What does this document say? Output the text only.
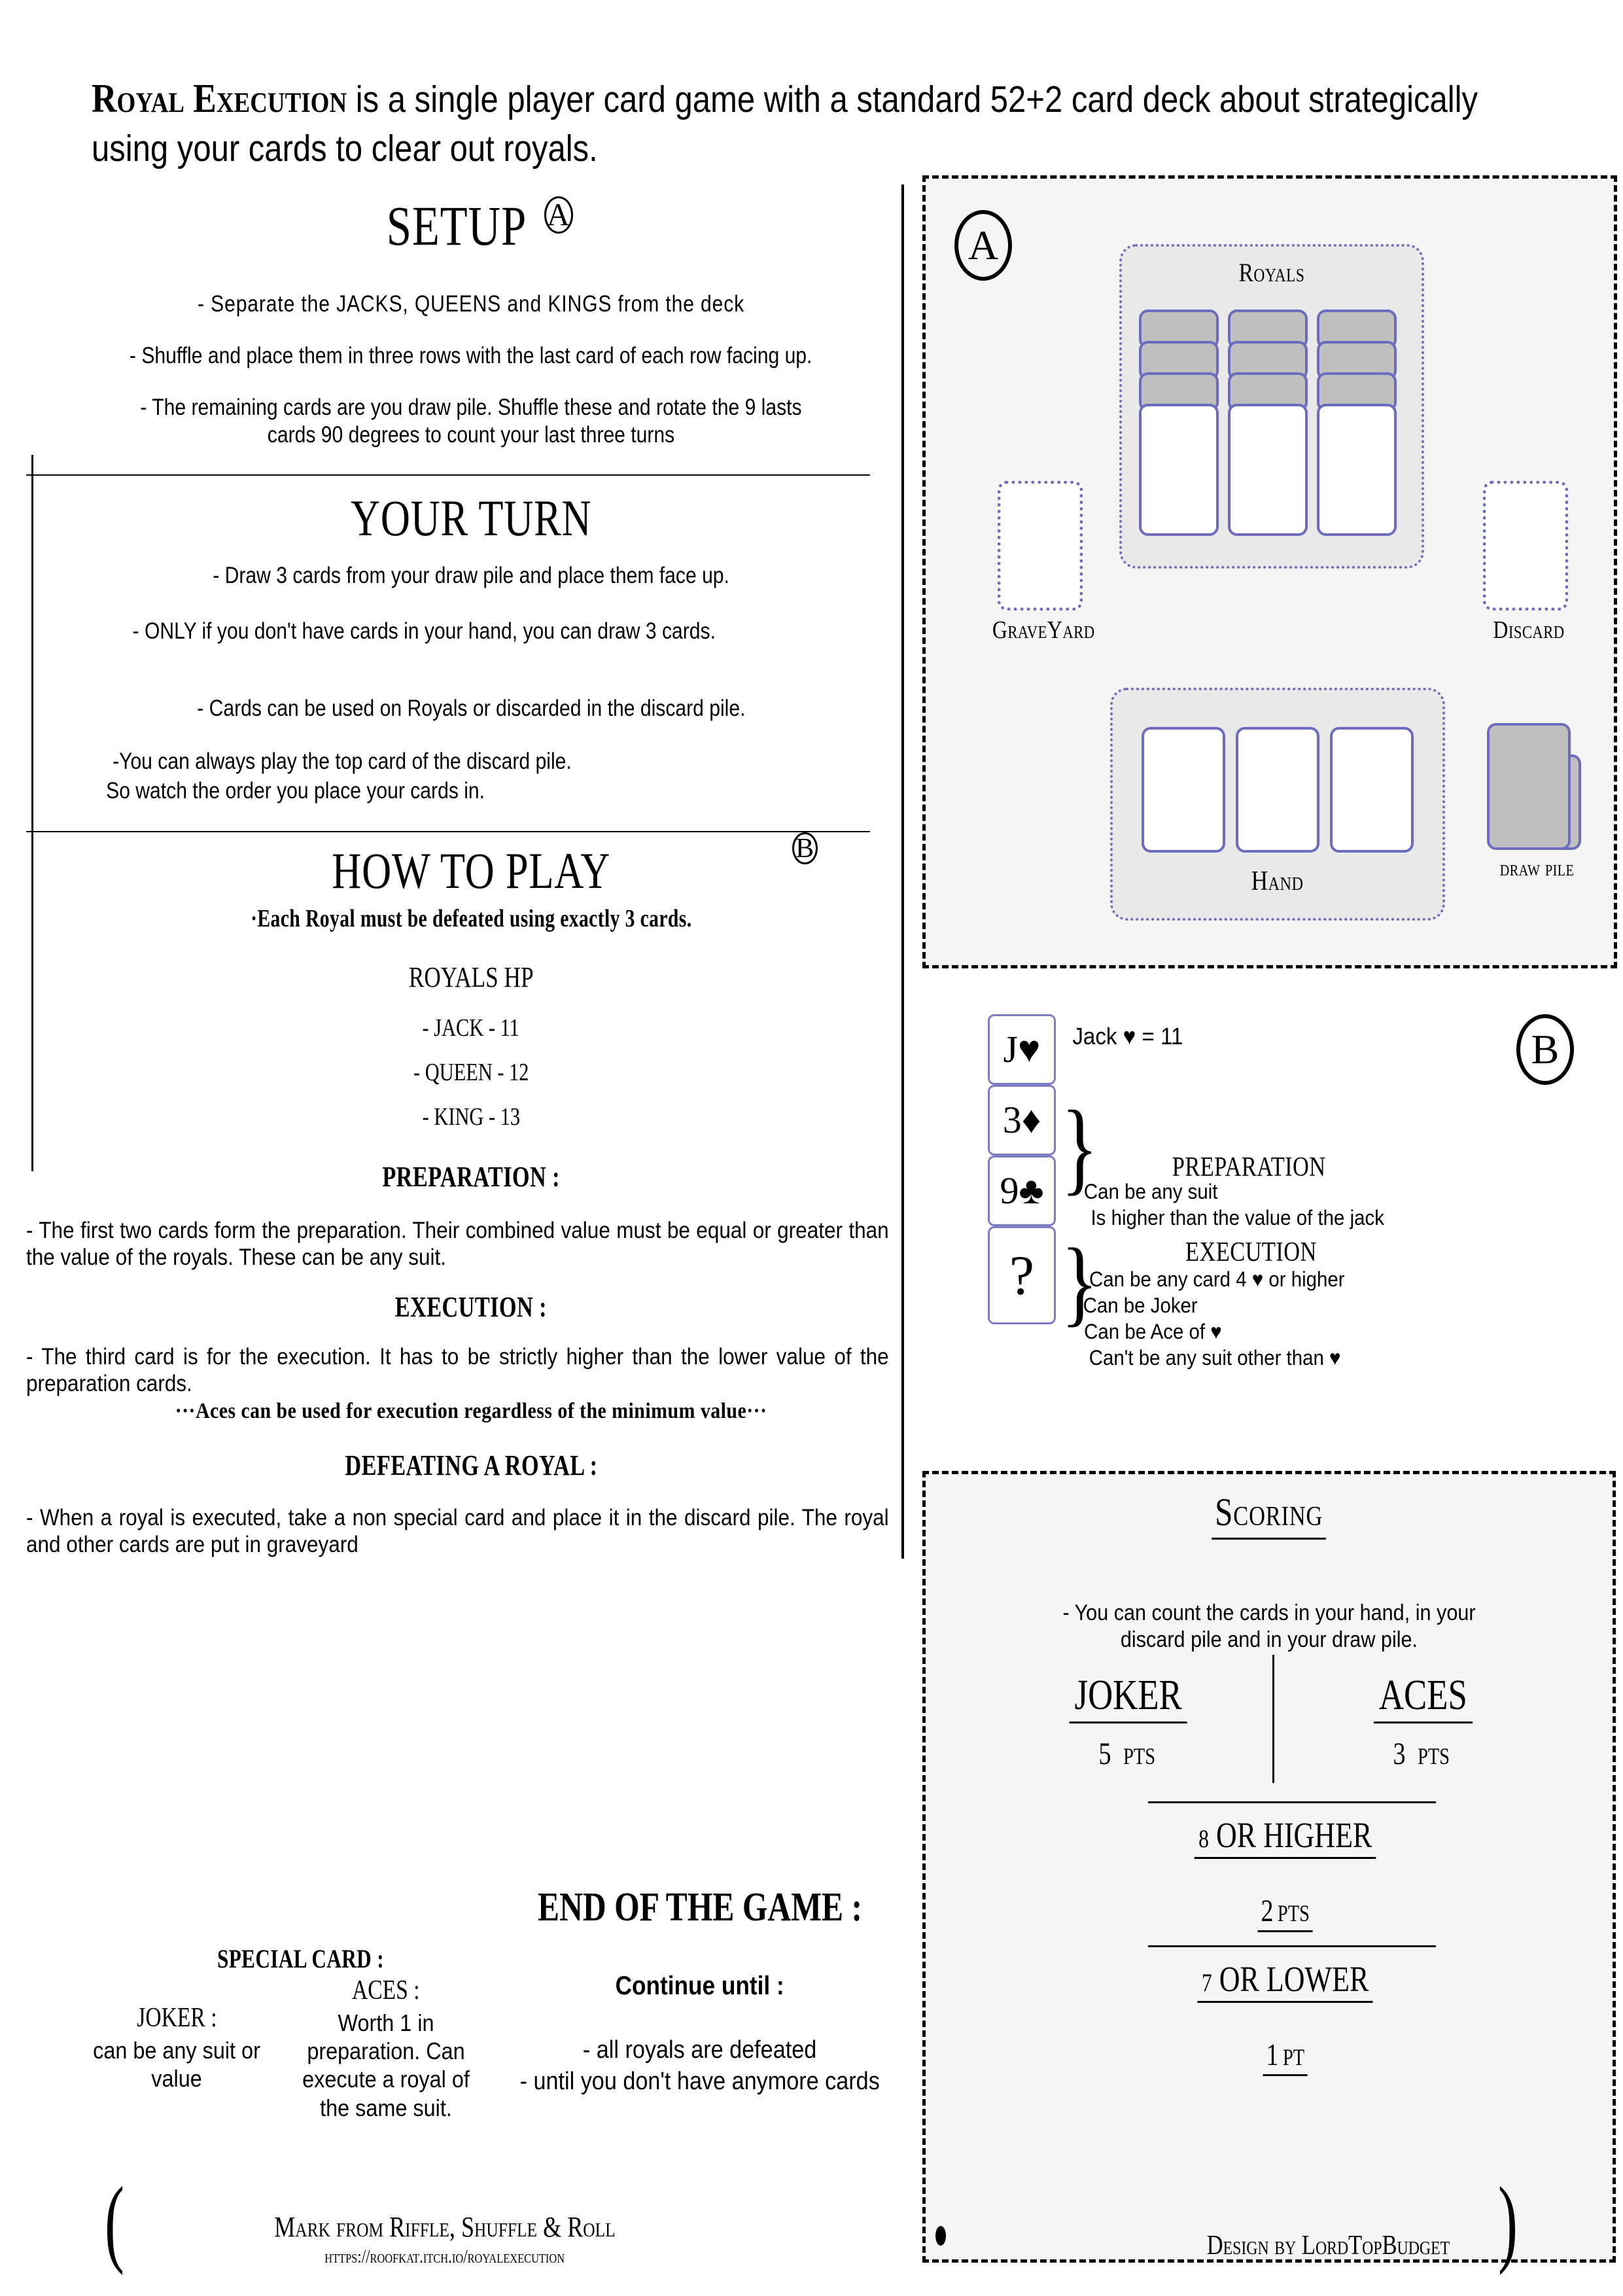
Royal Execution is a single player card game with a standard 52+2 card deck about strategically using your cards to clear out royals.
SETUP A
- Separate the JACKS, QUEENS and KINGS from the deck
- Shuffle and place them in three rows with the last card of each row facing up.
- The remaining cards are you draw pile. Shuffle these and rotate the 9 lasts cards 90 degrees to count your last three turns
YOUR TURN
- Draw 3 cards from your draw pile and place them face up.
- ONLY if you don't have cards in your hand, you can draw 3 cards.
- Cards can be used on Royals or discarded in the discard pile.
-You can always play the top card of the discard pile.
So watch the order you place your cards in.
HOW TO PLAY	B
·Each Royal must be defeated using exactly 3 cards.
ROYALS HP
- JACK - 11
- QUEEN - 12
- KING - 13
PREPARATION :
- The first two cards form the preparation. Their combined value must be equal or greater than the value of the royals. These can be any suit.
EXECUTION :
- The third card is for the execution. It has to be strictly higher than the lower value of the preparation cards.
···Aces can be used for execution regardless of the minimum value···
DEFEATING A ROYAL :
- When a royal is executed, take a non special card and place it in the discard pile. The royal and other cards are put in graveyard
SPECIAL CARD :
JOKER :
can be any suit or value
ACES :
Worth 1 in preparation. Can execute a royal of the same suit.
END OF THE GAME :
Continue until :
- all royals are defeated
- until you don't have anymore cards
A
Royals
GraveYard	Discard
Hand	draw pile
B
J♥
3♦
9♣
?
Jack ♥ = 11
}	PREPARATION
Can be any suit
Is higher than the value of the jack
}	EXECUTION
Can be any card 4 ♥ or higher
Can be Joker
Can be Ace of ♥
Can't be any suit other than ♥
Scoring
- You can count the cards in your hand, in your discard pile and in your draw pile.
JOKER
5 PTS
ACES
3 PTS
8 OR HIGHER
2 PTS
7 OR LOWER
1 PT
(	)
Mark from Riffle, Shuffle & Roll
https://roofkat.itch.io/royalexecution	Design by LordTopBudget
